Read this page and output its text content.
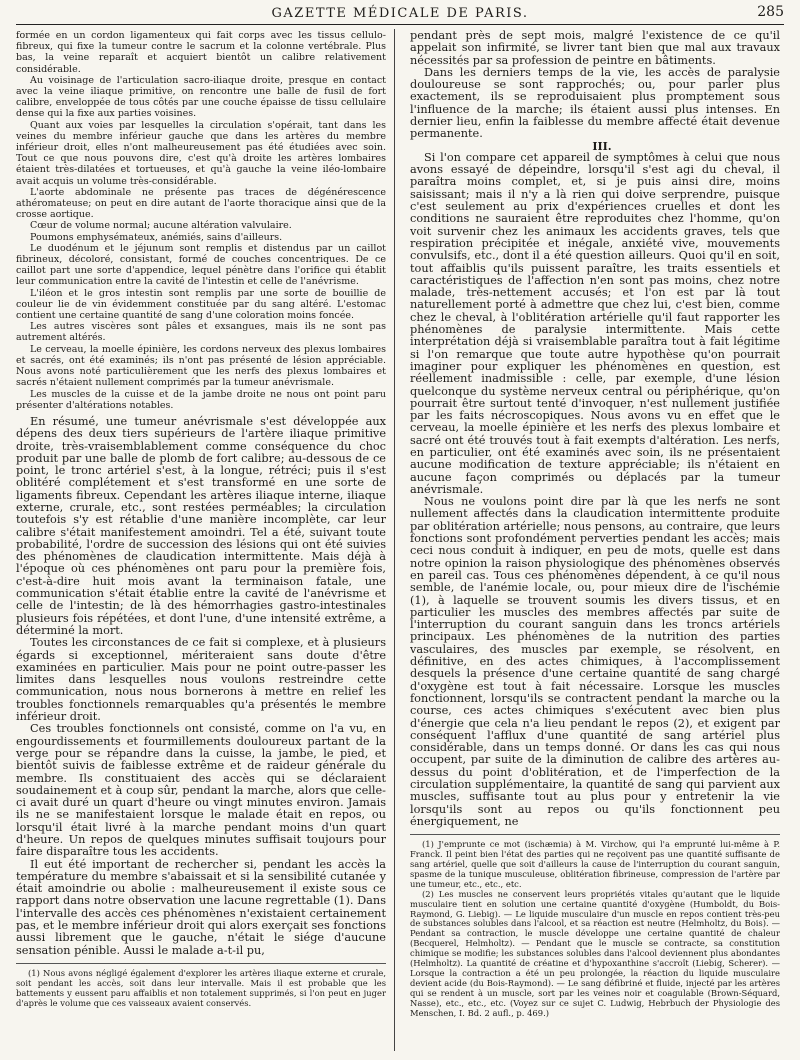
GAZETTE MÉDICALE DE PARIS.	285

formée en un cordon ligamenteux qui fait corps avec les tissus cellulo-fibreux, qui fixe la tumeur contre le sacrum et la colonne vertébrale. Plus bas, la veine reparaît et acquiert bientôt un calibre relativement considérable.

Au voisinage de l'articulation sacro-iliaque droite, presque en contact avec la veine iliaque primitive, on rencontre une balle de fusil de fort calibre, enveloppée de tous côtés par une couche épaisse de tissu cellulaire dense qui la fixe aux parties voisines.

Quant aux voies par lesquelles la circulation s'opérait, tant dans les veines du membre inférieur gauche que dans les artères du membre inférieur droit, elles n'ont malheureusement pas été étudiées avec soin. Tout ce que nous pouvons dire, c'est qu'à droite les artères lombaires étaient très-dilatées et tortueuses, et qu'à gauche la veine iléo-lombaire avait acquis un volume très-considérable.

L'aorte abdominale ne présente pas traces de dégénérescence athéromateuse; on peut en dire autant de l'aorte thoracique ainsi que de la crosse aortique.

Cœur de volume normal; aucune altération valvulaire.

Poumons emphysémateux, anémiés, sains d'ailleurs.

Le duodénum et le jéjunum sont remplis et distendus par un caillot fibrineux, décoloré, consistant, formé de couches concentriques. De ce caillot part une sorte d'appendice, lequel pénètre dans l'orifice qui établit leur communication entre la cavité de l'intestin et celle de l'anévrisme.

L'iléon et le gros intestin sont remplis par une sorte de bouillie de couleur lie de vin évidemment constituée par du sang altéré. L'estomac contient une certaine quantité de sang d'une coloration moins foncée.

Les autres viscères sont pâles et exsangues, mais ils ne sont pas autrement altérés.

Le cerveau, la moelle épinière, les cordons nerveux des plexus lombaires et sacrés, ont été examinés; ils n'ont pas présenté de lésion appréciable. Nous avons noté particulièrement que les nerfs des plexus lombaires et sacrés n'étaient nullement comprimés par la tumeur anévrismale.

Les muscles de la cuisse et de la jambe droite ne nous ont point paru présenter d'altérations notables.

En résumé, une tumeur anévrismale s'est développée aux dépens des deux tiers supérieurs de l'artère iliaque primitive droite, très-vraisemblablement comme conséquence du choc produit par une balle de plomb de fort calibre; au-dessous de ce point, le tronc artériel s'est, à la longue, rétréci; puis il s'est oblitéré complétement et s'est transformé en une sorte de ligaments fibreux. Cependant les artères iliaque interne, iliaque externe, crurale, etc., sont restées perméables; la circulation toutefois s'y est rétablie d'une manière incomplète, car leur calibre s'était manifestement amoindri. Tel a été, suivant toute probabilité, l'ordre de succession des lésions qui ont été suivies des phénomènes de claudication intermittente. Mais déjà à l'époque où ces phénomènes ont paru pour la première fois, c'est-à-dire huit mois avant la terminaison fatale, une communication s'était établie entre la cavité de l'anévrisme et celle de l'intestin; de là des hémorrhagies gastro-intestinales plusieurs fois répétées, et dont l'une, d'une intensité extrême, a déterminé la mort.

Toutes les circonstances de ce fait si complexe, et à plusieurs égards si exceptionnel, mériteraient sans doute d'être examinées en particulier. Mais pour ne point outre-passer les limites dans lesquelles nous voulons restreindre cette communication, nous nous bornerons à mettre en relief les troubles fonctionnels remarquables qu'a présentés le membre inférieur droit.

Ces troubles fonctionnels ont consisté, comme on l'a vu, en engourdissements et fourmillements douloureux partant de la verge pour se répandre dans la cuisse, la jambe, le pied, et bientôt suivis de faiblesse extrême et de raideur générale du membre. Ils constituaient des accès qui se déclaraient soudainement et à coup sûr, pendant la marche, alors que celle-ci avait duré un quart d'heure ou vingt minutes environ. Jamais ils ne se manifestaient lorsque le malade était en repos, ou lorsqu'il était livré à la marche pendant moins d'un quart d'heure. Un repos de quelques minutes suffisait toujours pour faire disparaître tous les accidents.

Il eut été important de rechercher si, pendant les accès la température du membre s'abaissait et si la sensibilité cutanée y était amoindrie ou abolie : malheureusement il existe sous ce rapport dans notre observation une lacune regrettable (1). Dans l'intervalle des accès ces phénomènes n'existaient certainement pas, et le membre inférieur droit qui alors exerçait ses fonctions aussi librement que le gauche, n'était le siége d'aucune sensation pénible. Aussi le malade a-t-il pu,

(1) Nous avons négligé également d'explorer les artères iliaque externe et crurale, soit pendant les accès, soit dans leur intervalle. Mais il est probable que les battements y eussent paru affaiblis et non totalement supprimés, si l'on peut en juger d'après le volume que ces vaisseaux avaient conservés.

pendant près de sept mois, malgré l'existence de ce qu'il appelait son infirmité, se livrer tant bien que mal aux travaux nécessités par sa profession de peintre en bâtiments.

Dans les derniers temps de la vie, les accès de paralysie douloureuse se sont rapprochés; ou, pour parler plus exactement, ils se reproduisaient plus promptement sous l'influence de la marche; ils étaient aussi plus intenses. En dernier lieu, enfin la faiblesse du membre affecté était devenue permanente.

III.

Si l'on compare cet appareil de symptômes à celui que nous avons essayé de dépeindre, lorsqu'il s'est agi du cheval, il paraîtra moins complet, et, si je puis ainsi dire, moins saisissant; mais il n'y a là rien qui doive serprendre, puisque c'est seulement au prix d'expériences cruelles et dont les conditions ne sauraient être reproduites chez l'homme, qu'on voit survenir chez les animaux les accidents graves, tels que respiration précipitée et inégale, anxiété vive, mouvements convulsifs, etc., dont il a été question ailleurs. Quoi qu'il en soit, tout affaiblis qu'ils puissent paraître, les traits essentiels et caractéristiques de l'affection n'en sont pas moins, chez notre malade, très-nettement accusés; et l'on est par là tout naturellement porté à admettre que chez lui, c'est bien, comme chez le cheval, à l'oblitération artérielle qu'il faut rapporter les phénomènes de paralysie intermittente. Mais cette interprétation déjà si vraisemblable paraîtra tout à fait légitime si l'on remarque que toute autre hypothèse qu'on pourrait imaginer pour expliquer les phénomènes en question, est réellement inadmissible : celle, par exemple, d'une lésion quelconque du système nerveux central ou périphérique, qu'on pourrait être surtout tenté d'invoquer, n'est nullement justifiée par les faits nécroscopiques. Nous avons vu en effet que le cerveau, la moelle épinière et les nerfs des plexus lombaire et sacré ont été trouvés tout à fait exempts d'altération. Les nerfs, en particulier, ont été examinés avec soin, ils ne présentaient aucune modification de texture appréciable; ils n'étaient en aucune façon comprimés ou déplacés par la tumeur anévrismale.

Nous ne voulons point dire par là que les nerfs ne sont nullement affectés dans la claudication intermittente produite par oblitération artérielle; nous pensons, au contraire, que leurs fonctions sont profondément perverties pendant les accès; mais ceci nous conduit à indiquer, en peu de mots, quelle est dans notre opinion la raison physiologique des phénomènes observés en pareil cas. Tous ces phénomènes dépendent, à ce qu'il nous semble, de l'anémie locale, ou, pour mieux dire de l'ischémie (1), à laquelle se trouvent soumis les divers tissus, et en particulier les muscles des membres affectés par suite de l'interruption du courant sanguin dans les troncs artériels principaux. Les phénomènes de la nutrition des parties vasculaires, des muscles par exemple, se résolvent, en définitive, en des actes chimiques, à l'accomplissement desquels la présence d'une certaine quantité de sang chargé d'oxygène est tout à fait nécessaire. Lorsque les muscles fonctionnent, lorsqu'ils se contractent pendant la marche ou la course, ces actes chimiques s'exécutent avec bien plus d'énergie que cela n'a lieu pendant le repos (2), et exigent par conséquent l'afflux d'une quantité de sang artériel plus considérable, dans un temps donné. Or dans les cas qui nous occupent, par suite de la diminution de calibre des artères au-dessus du point d'oblitération, et de l'imperfection de la circulation supplémentaire, la quantité de sang qui parvient aux muscles, suffisante tout au plus pour y entretenir la vie lorsqu'ils sont au repos ou qu'ils fonctionnent peu énergiquement, ne

(1) J'emprunte ce mot (ischæmia) à M. Virchow, qui l'a emprunté lui-même à P. Franck. Il peint bien l'état des parties qui ne reçoivent pas une quantité suffisante de sang artériel, quelle que soit d'ailleurs la cause de l'interruption du courant sanguin, spasme de la tunique musculeuse, oblitération fibrineuse, compression de l'artère par une tumeur, etc., etc., etc.

(2) Les muscles ne conservent leurs propriétés vitales qu'autant que le liquide musculaire tient en solution une certaine quantité d'oxygène (Humboldt, du Bois-Raymond, G. Liebig). — Le liquide musculaire d'un muscle en repos contient très-peu de substances solubles dans l'alcool, et sa réaction est neutre (Helmholtz, du Bois). — Pendant sa contraction, le muscle développe une certaine quantité de chaleur (Becquerel, Helmholtz). — Pendant que le muscle se contracte, sa constitution chimique se modifie; les substances solubles dans l'alcool deviennent plus abondantes (Helmholtz). La quantité de créatine et d'hypoxanthine s'accroît (Liebig, Scherer). — Lorsque la contraction a été un peu prolongée, la réaction du liquide musculaire devient acide (du Bois-Raymond). — Le sang défibriné et fluide, injecté par les artères qui se rendent à un muscle, sort par les veines noir et coagulable (Brown-Séquard, Nasse), etc., etc., etc. (Voyez sur ce sujet C. Ludwig, Hebrbuch der Physiologie des Menschen, I. Bd. 2 aufl., p. 469.)
